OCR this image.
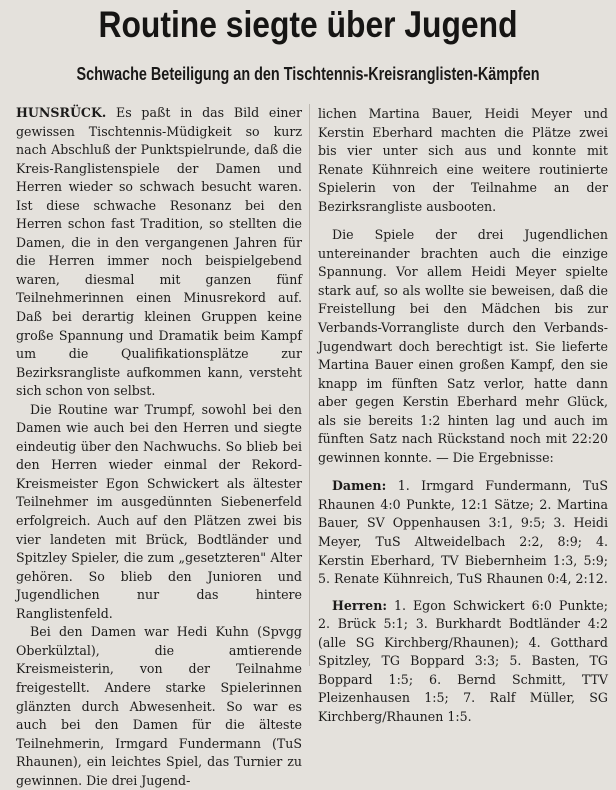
Routine siegte über Jugend
Schwache Beteiligung an den Tischtennis-Kreisranglisten-Kämpfen

HUNSRÜCK. Es paßt in das Bild einer gewissen Tischtennis-Müdigkeit so kurz nach Abschluß der Punktspielrunde, daß die Kreis-Ranglistenspiele der Damen und Herren wieder so schwach besucht waren. Ist diese schwache Resonanz bei den Herren schon fast Tradition, so stellten die Damen, die in den vergangenen Jahren für die Herren immer noch beispielgebend waren, diesmal mit ganzen fünf Teilnehmerinnen einen Minusrekord auf. Daß bei derartig kleinen Gruppen keine große Spannung und Dramatik beim Kampf um die Qualifikationsplätze zur Bezirksrangliste aufkommen kann, versteht sich schon von selbst.

Die Routine war Trumpf, sowohl bei den Damen wie auch bei den Herren und siegte eindeutig über den Nachwuchs. So blieb bei den Herren wieder einmal der Rekord-Kreismeister Egon Schwickert als ältester Teilnehmer im ausgedünnten Siebenerfeld erfolgreich. Auch auf den Plätzen zwei bis vier landeten mit Brück, Bodtländer und Spitzley Spieler, die zum „gesetzteren" Alter gehören. So blieb den Junioren und Jugendlichen nur das hintere Ranglistenfeld.

Bei den Damen war Hedi Kuhn (Spvgg Oberkülztal), die amtierende Kreismeisterin, von der Teilnahme freigestellt. Andere starke Spielerinnen glänzten durch Abwesenheit. So war es auch bei den Damen für die älteste Teilnehmerin, Irmgard Fundermann (TuS Rhaunen), ein leichtes Spiel, das Turnier zu gewinnen. Die drei Jugend-

lichen Martina Bauer, Heidi Meyer und Kerstin Eberhard machten die Plätze zwei bis vier unter sich aus und konnte mit Renate Kühnreich eine weitere routinierte Spielerin von der Teilnahme an der Bezirksrangliste ausbooten.

Die Spiele der drei Jugendlichen untereinander brachten auch die einzige Spannung. Vor allem Heidi Meyer spielte stark auf, so als wollte sie beweisen, daß die Freistellung bei den Mädchen bis zur Verbands-Vorrangliste durch den Verbands-Jugendwart doch berechtigt ist. Sie lieferte Martina Bauer einen großen Kampf, den sie knapp im fünften Satz verlor, hatte dann aber gegen Kerstin Eberhard mehr Glück, als sie bereits 1:2 hinten lag und auch im fünften Satz nach Rückstand noch mit 22:20 gewinnen konnte. — Die Ergebnisse:

Damen: 1. Irmgard Fundermann, TuS Rhaunen 4:0 Punkte, 12:1 Sätze; 2. Martina Bauer, SV Oppenhausen 3:1, 9:5; 3. Heidi Meyer, TuS Altweidelbach 2:2, 8:9; 4. Kerstin Eberhard, TV Biebernheim 1:3, 5:9; 5. Renate Kühnreich, TuS Rhaunen 0:4, 2:12.

Herren: 1. Egon Schwickert 6:0 Punkte; 2. Brück 5:1; 3. Burkhardt Bodtländer 4:2 (alle SG Kirchberg/Rhaunen); 4. Gotthard Spitzley, TG Boppard 3:3; 5. Basten, TG Boppard 1:5; 6. Bernd Schmitt, TTV Pleizenhausen 1:5; 7. Ralf Müller, SG Kirchberg/Rhaunen 1:5.
